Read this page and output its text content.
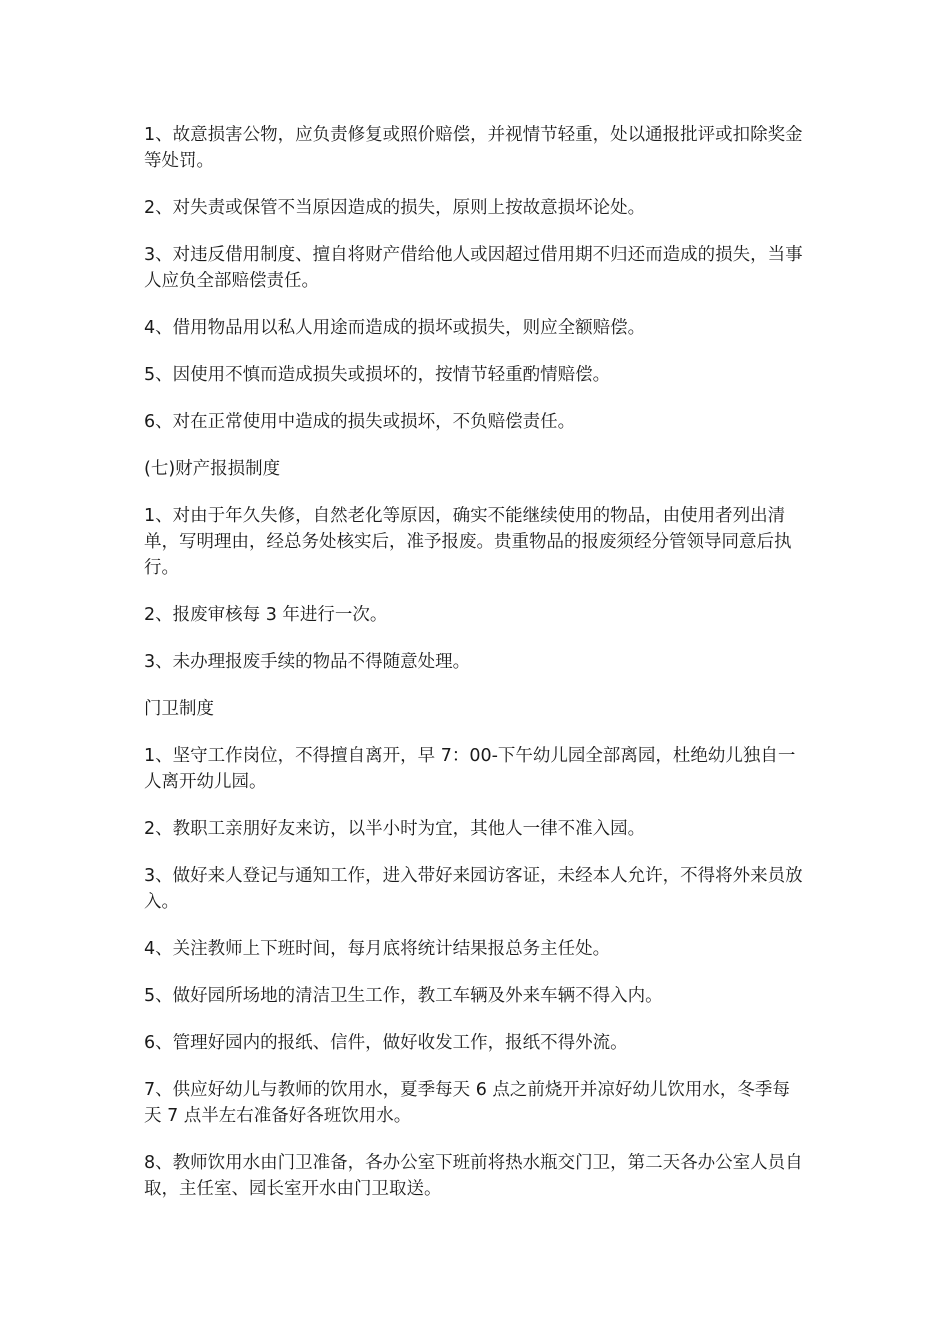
1、故意损害公物，应负责修复或照价赔偿，并视情节轻重，处以通报批评或扣除奖金等处罚。

2、对失责或保管不当原因造成的损失，原则上按故意损坏论处。

3、对违反借用制度、擅自将财产借给他人或因超过借用期不归还而造成的损失，当事人应负全部赔偿责任。

4、借用物品用以私人用途而造成的损坏或损失，则应全额赔偿。

5、因使用不慎而造成损失或损坏的，按情节轻重酌情赔偿。

6、对在正常使用中造成的损失或损坏，不负赔偿责任。

(七)财产报损制度

1、对由于年久失修，自然老化等原因，确实不能继续使用的物品，由使用者列出清单，写明理由，经总务处核实后，准予报废。贵重物品的报废须经分管领导同意后执行。

2、报废审核每 3 年进行一次。

3、未办理报废手续的物品不得随意处理。

门卫制度

1、坚守工作岗位，不得擅自离开，早 7：00-下午幼儿园全部离园，杜绝幼儿独自一人离开幼儿园。

2、教职工亲朋好友来访，以半小时为宜，其他人一律不准入园。

3、做好来人登记与通知工作，进入带好来园访客证，未经本人允许，不得将外来员放入。

4、关注教师上下班时间，每月底将统计结果报总务主任处。

5、做好园所场地的清洁卫生工作，教工车辆及外来车辆不得入内。

6、管理好园内的报纸、信件，做好收发工作，报纸不得外流。

7、供应好幼儿与教师的饮用水，夏季每天 6 点之前烧开并凉好幼儿饮用水，冬季每天 7 点半左右准备好各班饮用水。

8、教师饮用水由门卫准备，各办公室下班前将热水瓶交门卫，第二天各办公室人员自取，主任室、园长室开水由门卫取送。
